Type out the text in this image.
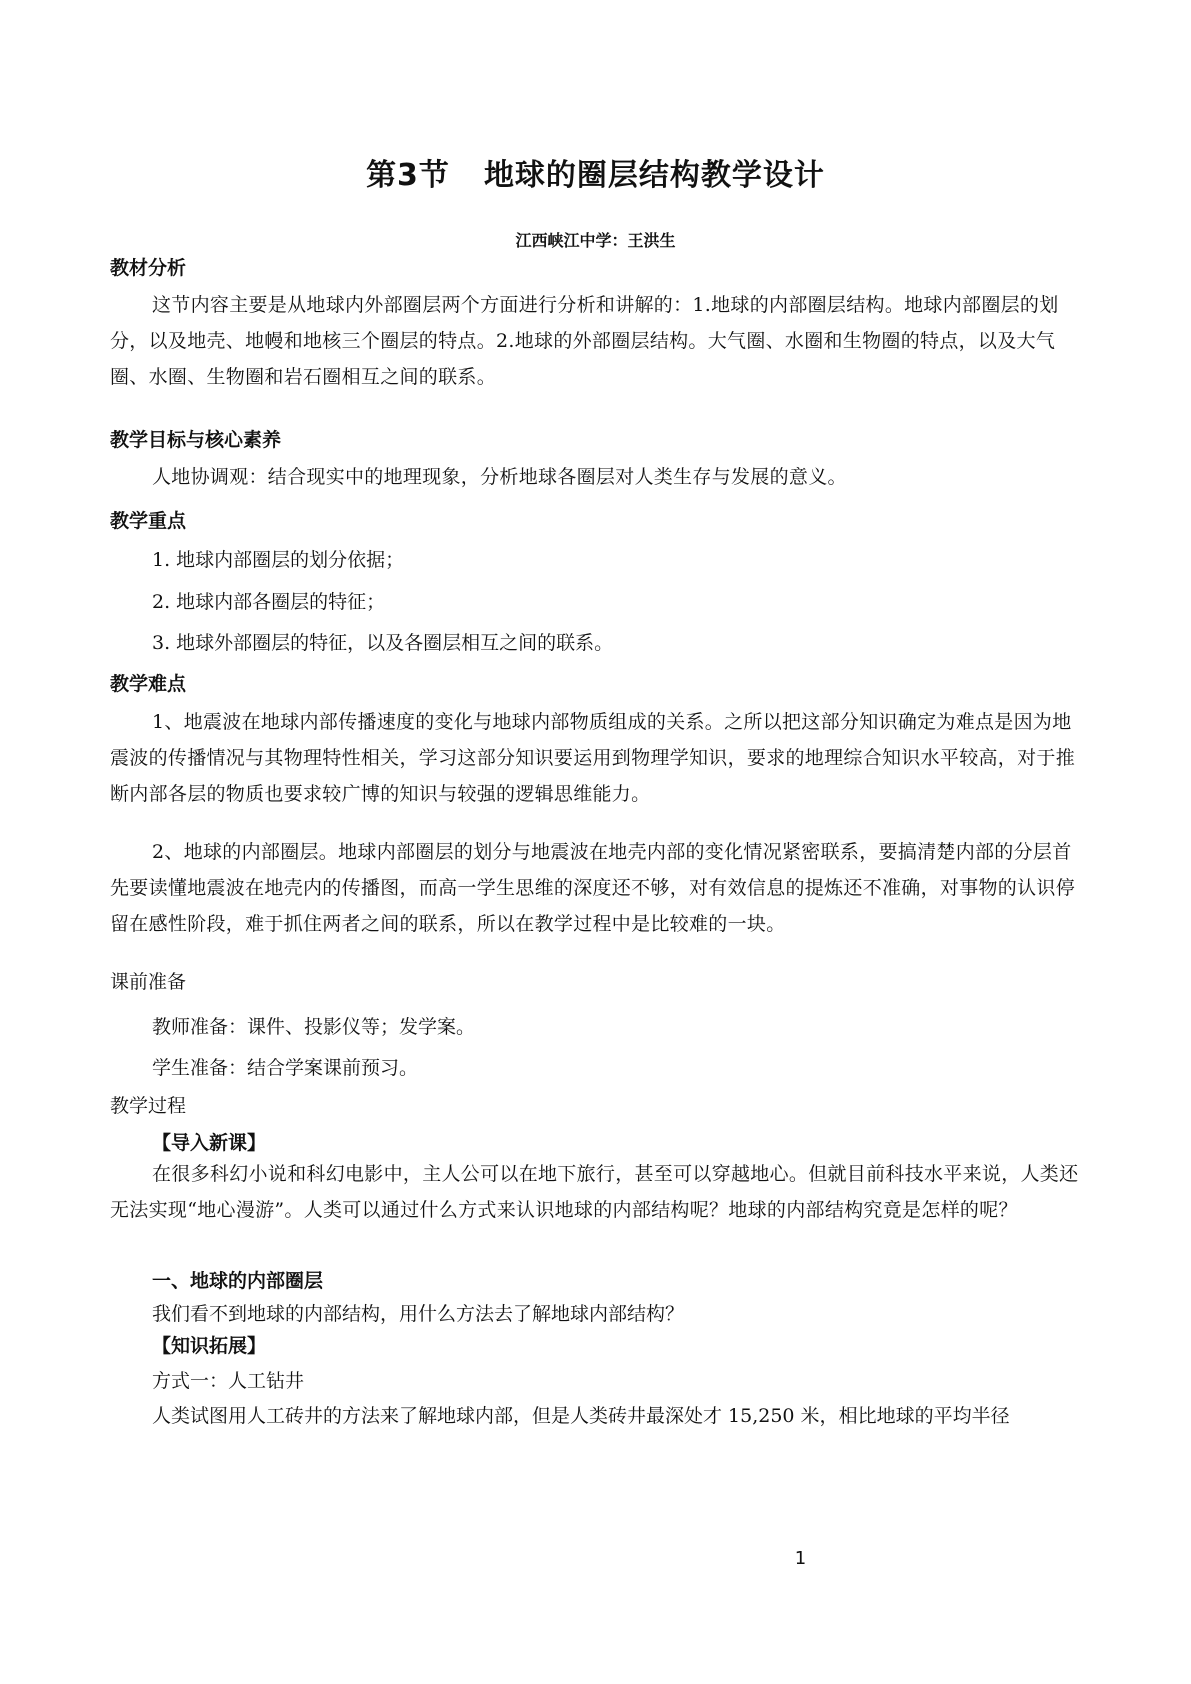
第3节 地球的圈层结构教学设计
江西峡江中学：王洪生
教材分析
这节内容主要是从地球内外部圈层两个方面进行分析和讲解的：1.地球的内部圈层结构。地球内部圈层的划分，以及地壳、地幔和地核三个圈层的特点。2.地球的外部圈层结构。大气圈、水圈和生物圈的特点，以及大气圈、水圈、生物圈和岩石圈相互之间的联系。
教学目标与核心素养
人地协调观：结合现实中的地理现象，分析地球各圈层对人类生存与发展的意义。
教学重点
1. 地球内部圈层的划分依据；
2. 地球内部各圈层的特征；
3. 地球外部圈层的特征，以及各圈层相互之间的联系。
教学难点
1、地震波在地球内部传播速度的变化与地球内部物质组成的关系。之所以把这部分知识确定为难点是因为地震波的传播情况与其物理特性相关，学习这部分知识要运用到物理学知识，要求的地理综合知识水平较高，对于推断内部各层的物质也要求较广博的知识与较强的逻辑思维能力。
2、地球的内部圈层。地球内部圈层的划分与地震波在地壳内部的变化情况紧密联系，要搞清楚内部的分层首先要读懂地震波在地壳内的传播图，而高一学生思维的深度还不够，对有效信息的提炼还不准确，对事物的认识停留在感性阶段，难于抓住两者之间的联系，所以在教学过程中是比较难的一块。
课前准备
教师准备：课件、投影仪等；发学案。
学生准备：结合学案课前预习。
教学过程
【导入新课】
在很多科幻小说和科幻电影中，主人公可以在地下旅行，甚至可以穿越地心。但就目前科技水平来说，人类还无法实现“地心漫游”。人类可以通过什么方式来认识地球的内部结构呢？地球的内部结构究竟是怎样的呢？
一、地球的内部圈层
我们看不到地球的内部结构，用什么方法去了解地球内部结构？
【知识拓展】
方式一：人工钻井
人类试图用人工砖井的方法来了解地球内部，但是人类砖井最深处才 15,250 米，相比地球的平均半径
1
